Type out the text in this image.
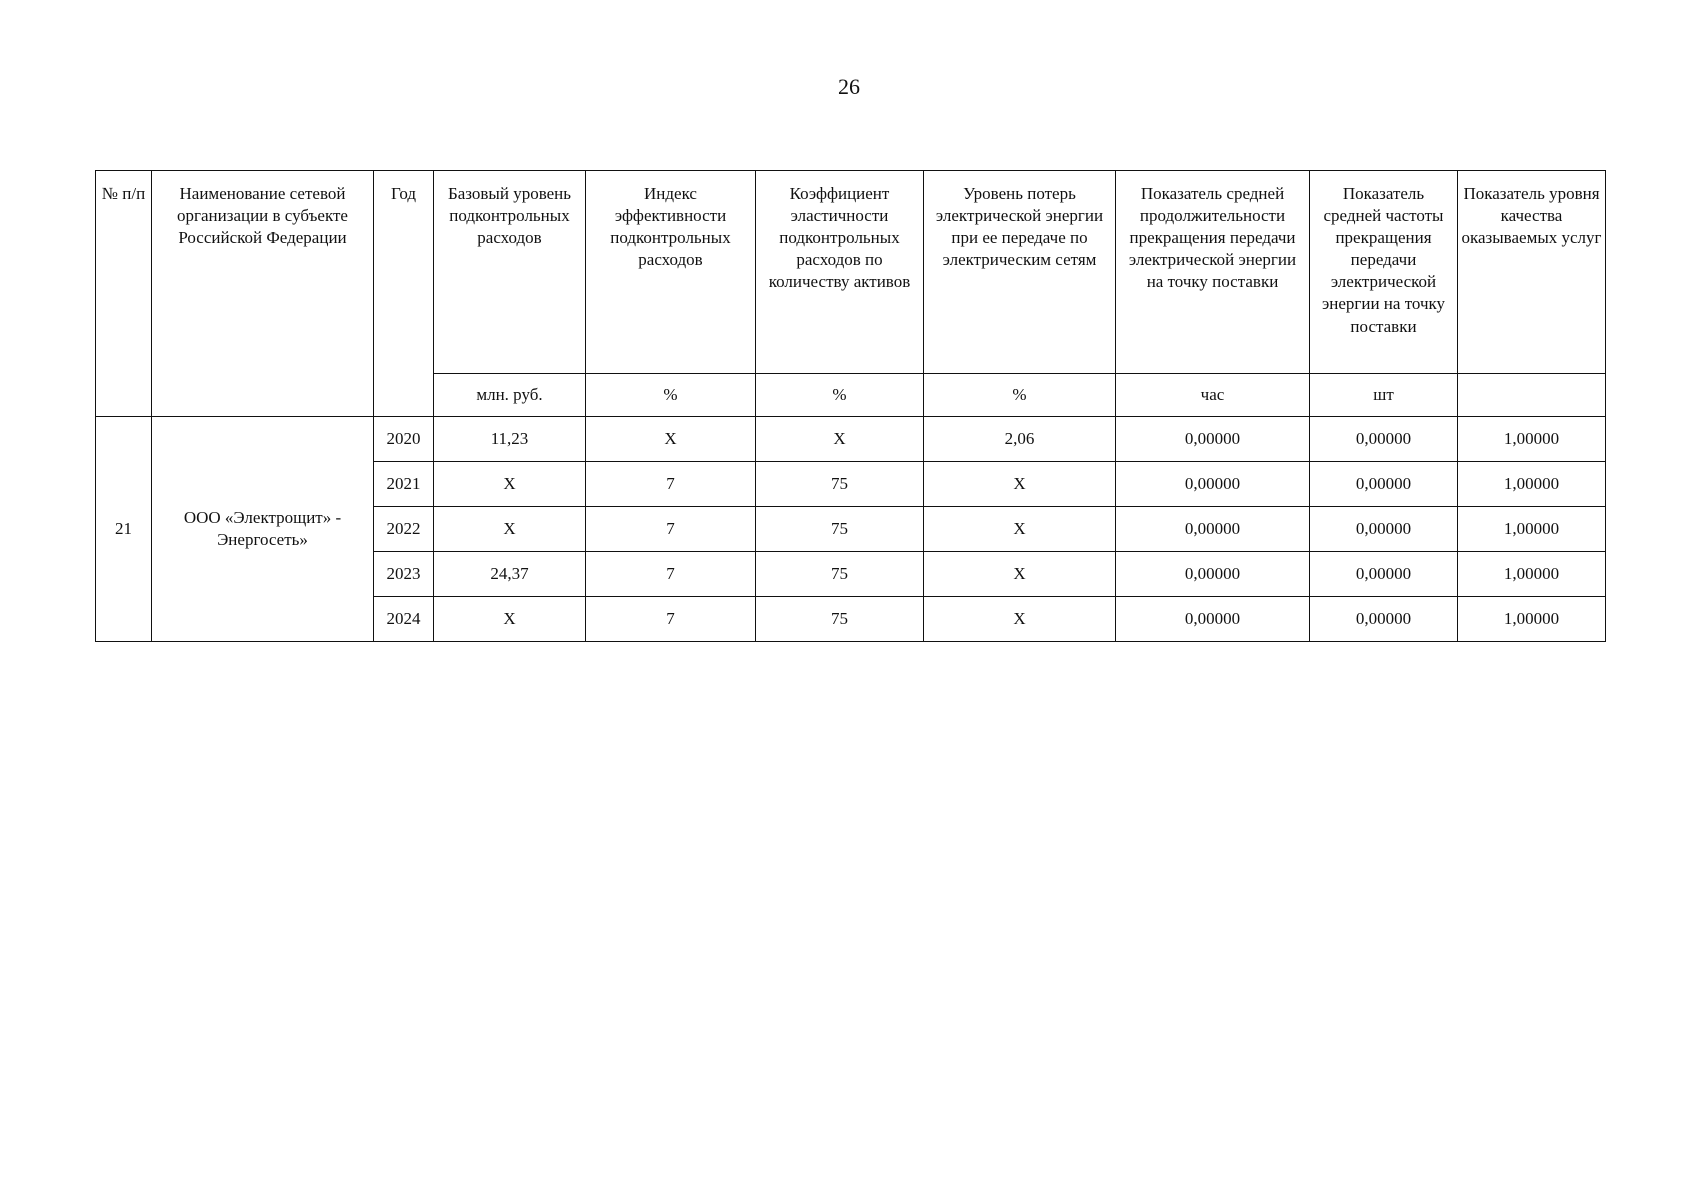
26
№ п/п	Наименование сетевой организации в субъекте Российской Федерации	Год	Базовый уровень подконтрольных расходов	Индекс эффективности подконтрольных расходов	Коэффициент эластичности подконтрольных расходов по количеству активов	Уровень потерь электрической энергии при ее передаче по электрическим сетям	Показатель средней продолжительности прекращения передачи электрической энергии на точку поставки	Показатель средней частоты прекращения передачи электрической энергии на точку поставки	Показатель уровня качества оказываемых услуг
			млн. руб.	%	%	%	час	шт	
21	ООО «Электрощит» - Энергосеть»	2020	11,23	Х	Х	2,06	0,00000	0,00000	1,00000
		2021	Х	7	75	Х	0,00000	0,00000	1,00000
		2022	Х	7	75	Х	0,00000	0,00000	1,00000
		2023	24,37	7	75	Х	0,00000	0,00000	1,00000
		2024	Х	7	75	Х	0,00000	0,00000	1,00000
